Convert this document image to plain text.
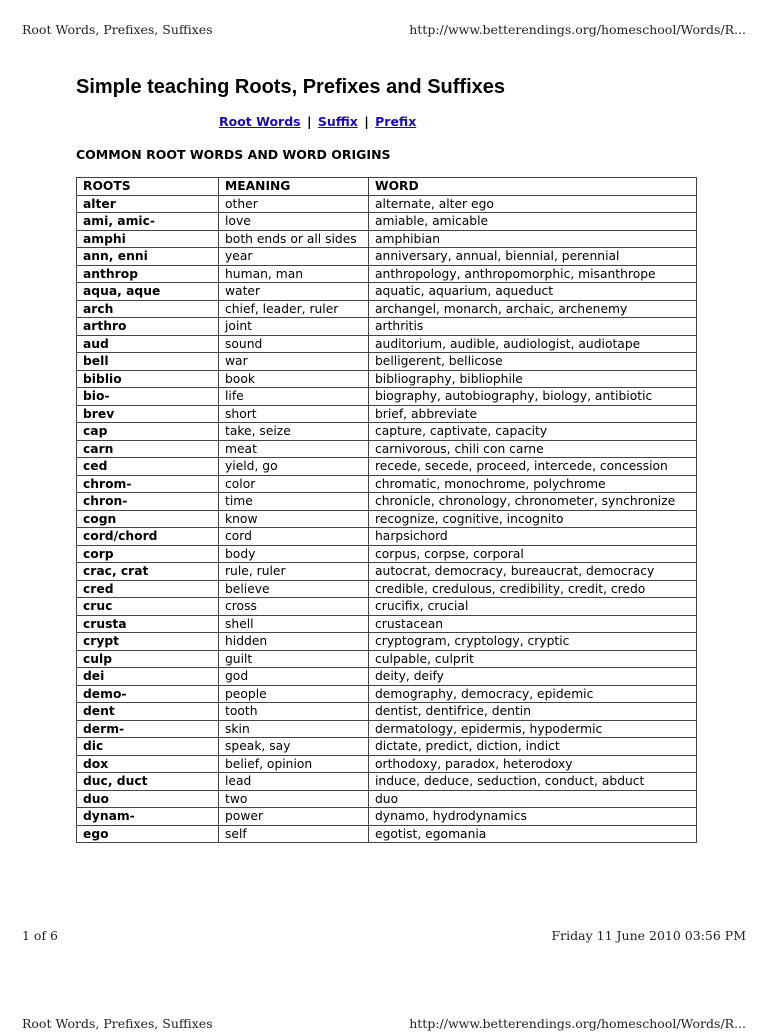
Root Words, Prefixes, Suffixes	http://www.betterendings.org/homeschool/Words/R...
Simple teaching Roots, Prefixes and Suffixes
Root Words | Suffix | Prefix
COMMON ROOT WORDS AND WORD ORIGINS
ROOTS	MEANING	WORD
alter	other	alternate, alter ego
ami, amic-	love	amiable, amicable
amphi	both ends or all sides	amphibian
ann, enni	year	anniversary, annual, biennial, perennial
anthrop	human, man	anthropology, anthropomorphic, misanthrope
aqua, aque	water	aquatic, aquarium, aqueduct
arch	chief, leader, ruler	archangel, monarch, archaic, archenemy
arthro	joint	arthritis
aud	sound	auditorium, audible, audiologist, audiotape
bell	war	belligerent, bellicose
biblio	book	bibliography, bibliophile
bio-	life	biography, autobiography, biology, antibiotic
brev	short	brief, abbreviate
cap	take, seize	capture, captivate, capacity
carn	meat	carnivorous, chili con carne
ced	yield, go	recede, secede, proceed, intercede, concession
chrom-	color	chromatic, monochrome, polychrome
chron-	time	chronicle, chronology, chronometer, synchronize
cogn	know	recognize, cognitive, incognito
cord/chord	cord	harpsichord
corp	body	corpus, corpse, corporal
crac, crat	rule, ruler	autocrat, democracy, bureaucrat, democracy
cred	believe	credible, credulous, credibility, credit, credo
cruc	cross	crucifix, crucial
crusta	shell	crustacean
crypt	hidden	cryptogram, cryptology, cryptic
culp	guilt	culpable, culprit
dei	god	deity, deify
demo-	people	demography, democracy, epidemic
dent	tooth	dentist, dentifrice, dentin
derm-	skin	dermatology, epidermis, hypodermic
dic	speak, say	dictate, predict, diction, indict
dox	belief, opinion	orthodoxy, paradox, heterodoxy
duc, duct	lead	induce, deduce, seduction, conduct, abduct
duo	two	duo
dynam-	power	dynamo, hydrodynamics
ego	self	egotist, egomania
1 of 6	Friday 11 June 2010 03:56 PM
Root Words, Prefixes, Suffixes	http://www.betterendings.org/homeschool/Words/R...
